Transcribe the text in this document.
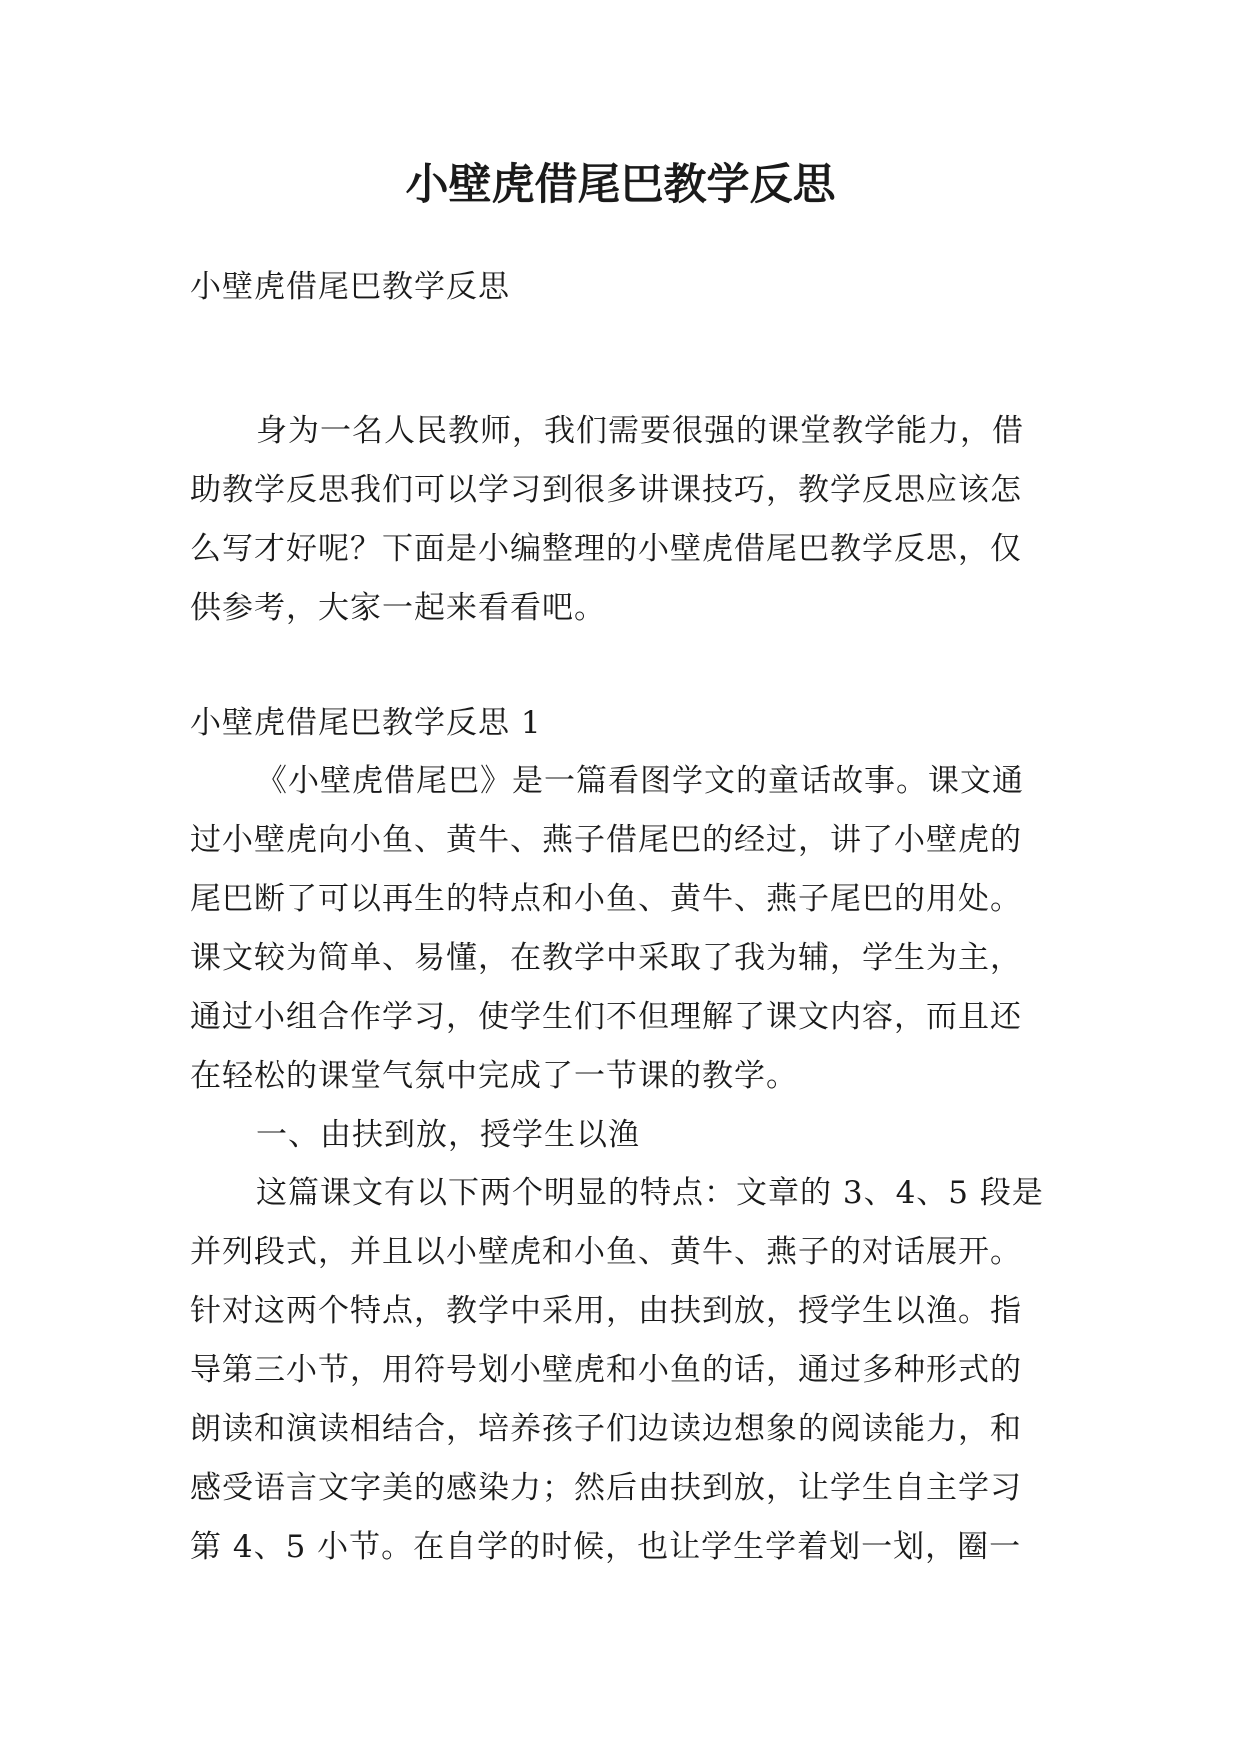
小壁虎借尾巴教学反思

小壁虎借尾巴教学反思

身为一名人民教师，我们需要很强的课堂教学能力，借助教学反思我们可以学习到很多讲课技巧，教学反思应该怎么写才好呢？下面是小编整理的小壁虎借尾巴教学反思，仅供参考，大家一起来看看吧。

小壁虎借尾巴教学反思 1

《小壁虎借尾巴》是一篇看图学文的童话故事。课文通过小壁虎向小鱼、黄牛、燕子借尾巴的经过，讲了小壁虎的尾巴断了可以再生的特点和小鱼、黄牛、燕子尾巴的用处。课文较为简单、易懂，在教学中采取了我为辅，学生为主，通过小组合作学习，使学生们不但理解了课文内容，而且还在轻松的课堂气氛中完成了一节课的教学。

一、由扶到放，授学生以渔

这篇课文有以下两个明显的特点：文章的 3、4、5 段是并列段式，并且以小壁虎和小鱼、黄牛、燕子的对话展开。针对这两个特点，教学中采用，由扶到放，授学生以渔。指导第三小节，用符号划小壁虎和小鱼的话，通过多种形式的朗读和演读相结合，培养孩子们边读边想象的阅读能力，和感受语言文字美的感染力；然后由扶到放，让学生自主学习第 4、5 小节。在自学的时候，也让学生学着划一划，圈一
